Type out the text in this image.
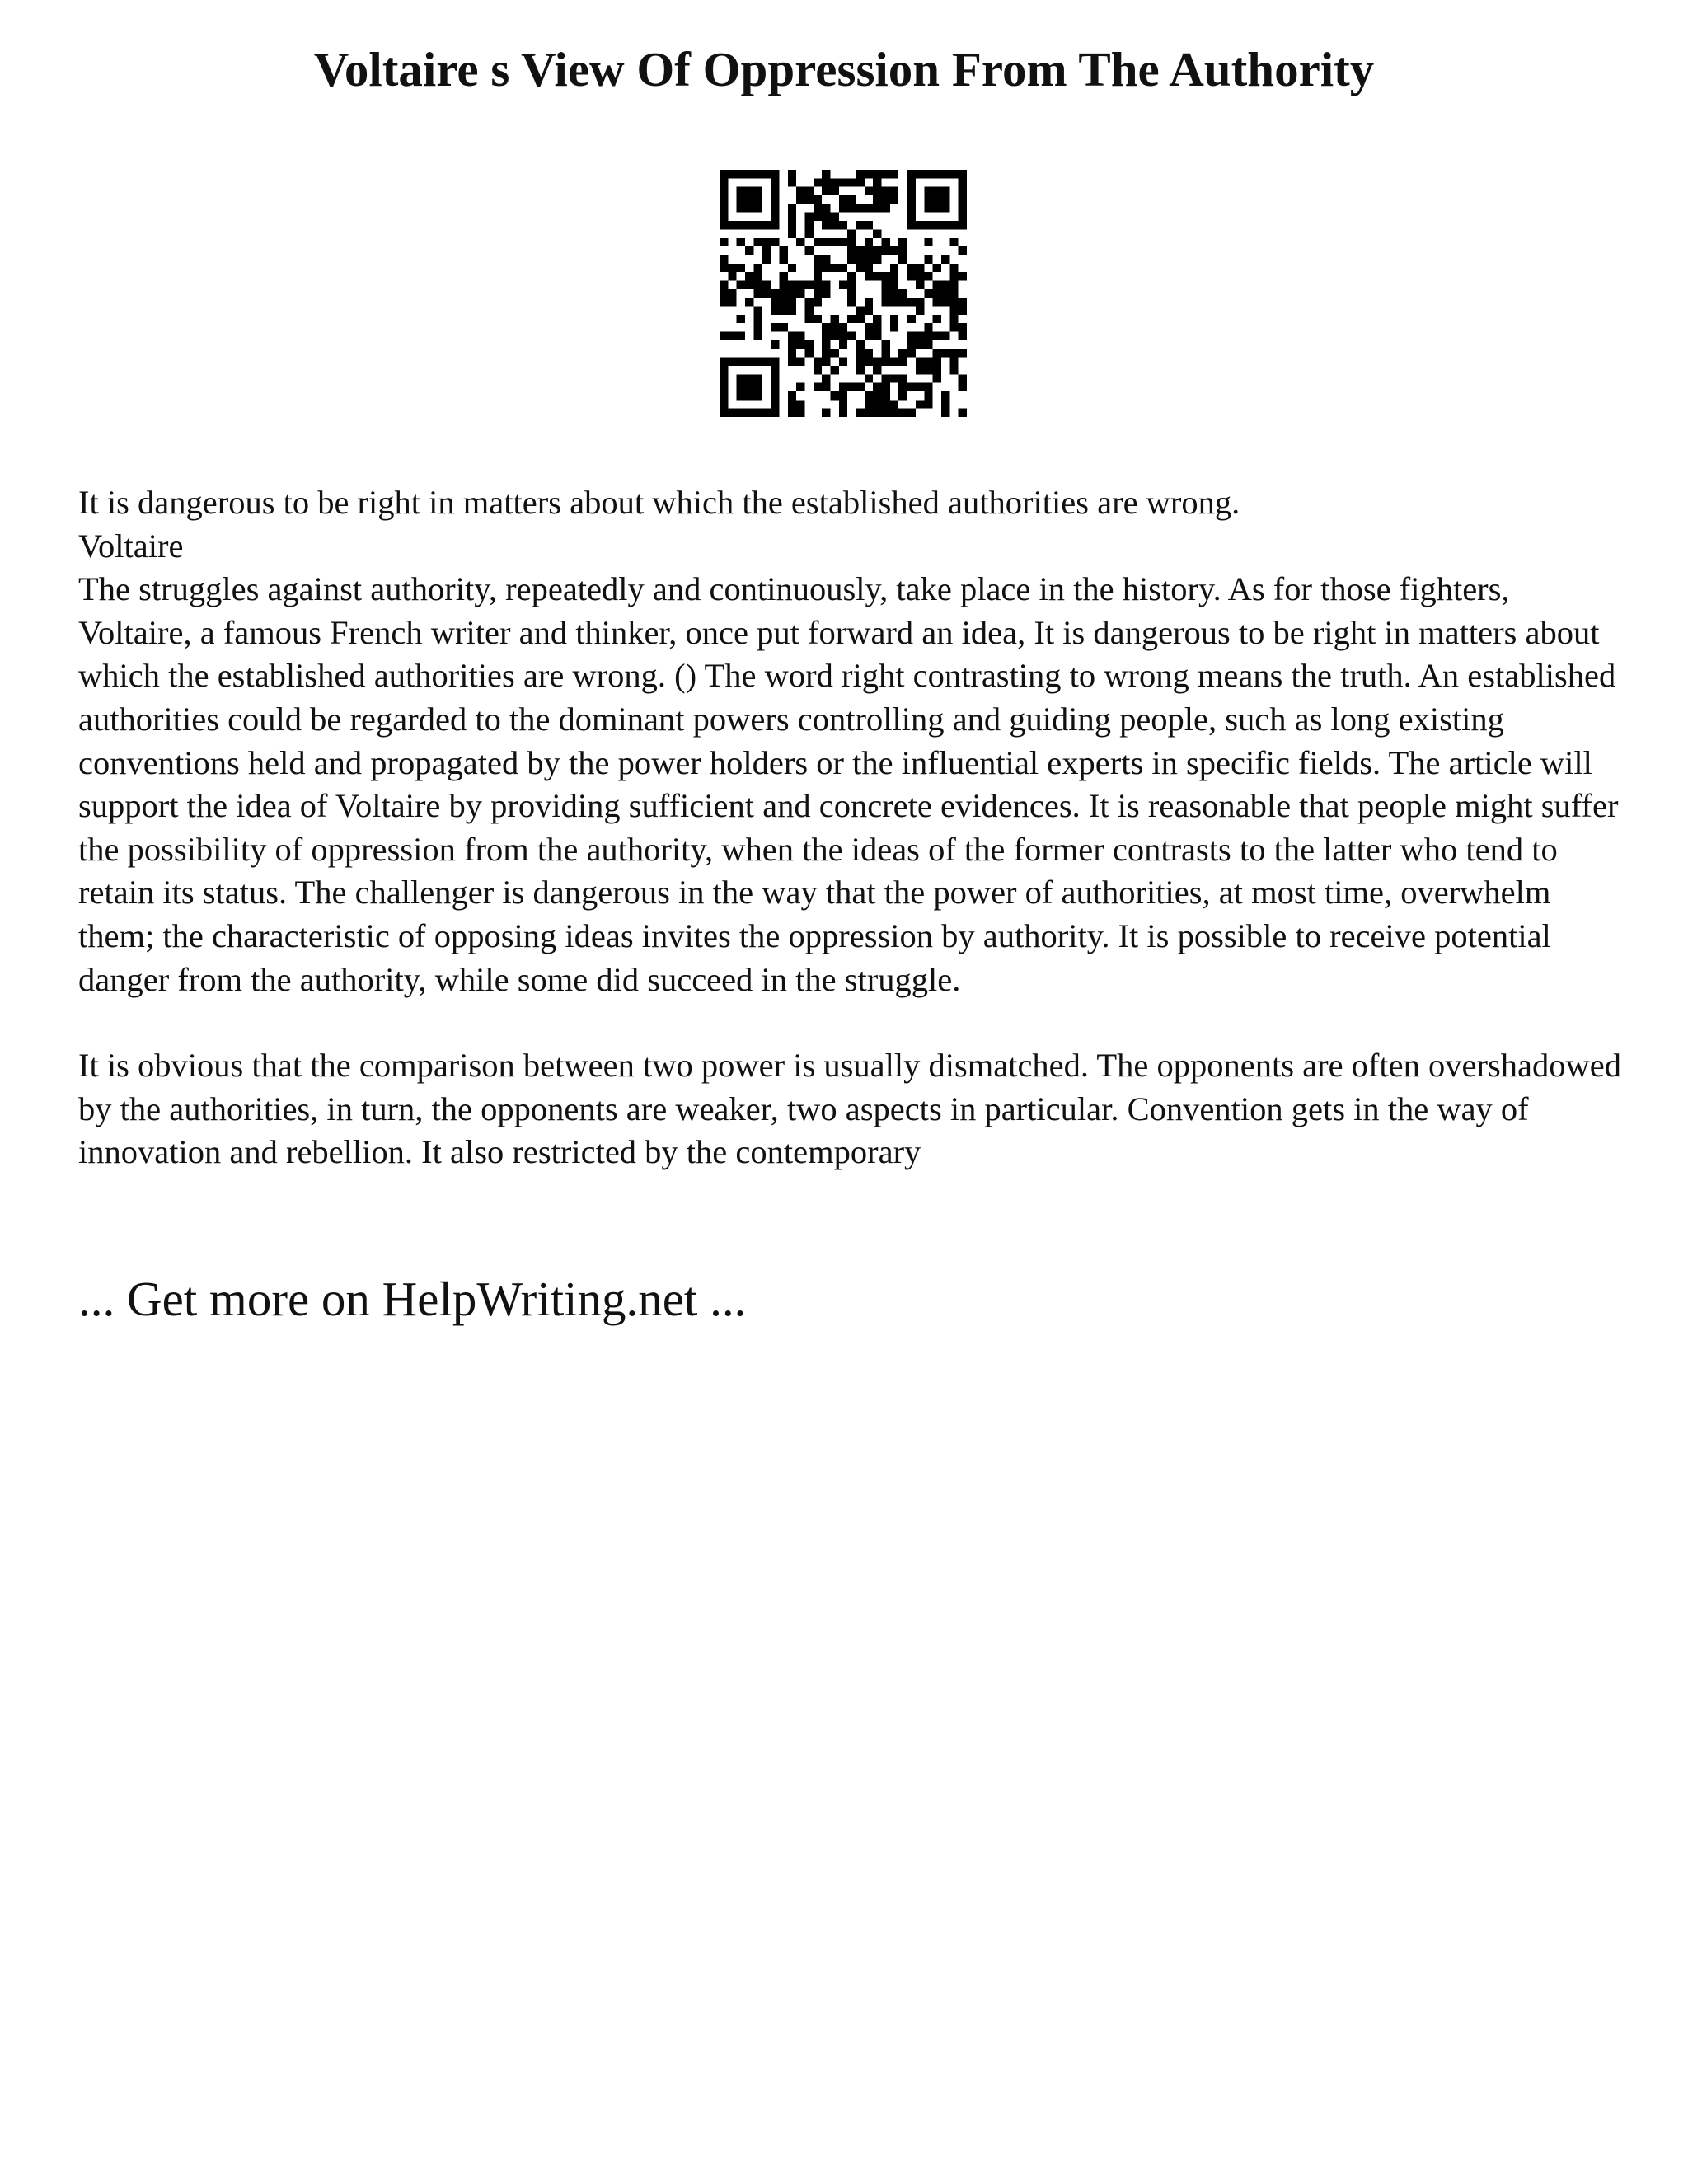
Voltaire s View Of Oppression From The Authority

It is dangerous to be right in matters about which the established authorities are wrong.

Voltaire

The struggles against authority, repeatedly and continuously, take place in the history. As for those fighters, Voltaire, a famous French writer and thinker, once put forward an idea, It is dangerous to be right in matters about which the established authorities are wrong. () The word right contrasting to wrong means the truth. An established authorities could be regarded to the dominant powers controlling and guiding people, such as long existing conventions held and propagated by the power holders or the influential experts in specific fields. The article will support the idea of Voltaire by providing sufficient and concrete evidences. It is reasonable that people might suffer the possibility of oppression from the authority, when the ideas of the former contrasts to the latter who tend to retain its status. The challenger is dangerous in the way that the power of authorities, at most time, overwhelm them; the characteristic of opposing ideas invites the oppression by authority. It is possible to receive potential danger from the authority, while some did succeed in the struggle.

It is obvious that the comparison between two power is usually dismatched. The opponents are often overshadowed by the authorities, in turn, the opponents are weaker, two aspects in particular. Convention gets in the way of innovation and rebellion. It also restricted by the contemporary

... Get more on HelpWriting.net ...
